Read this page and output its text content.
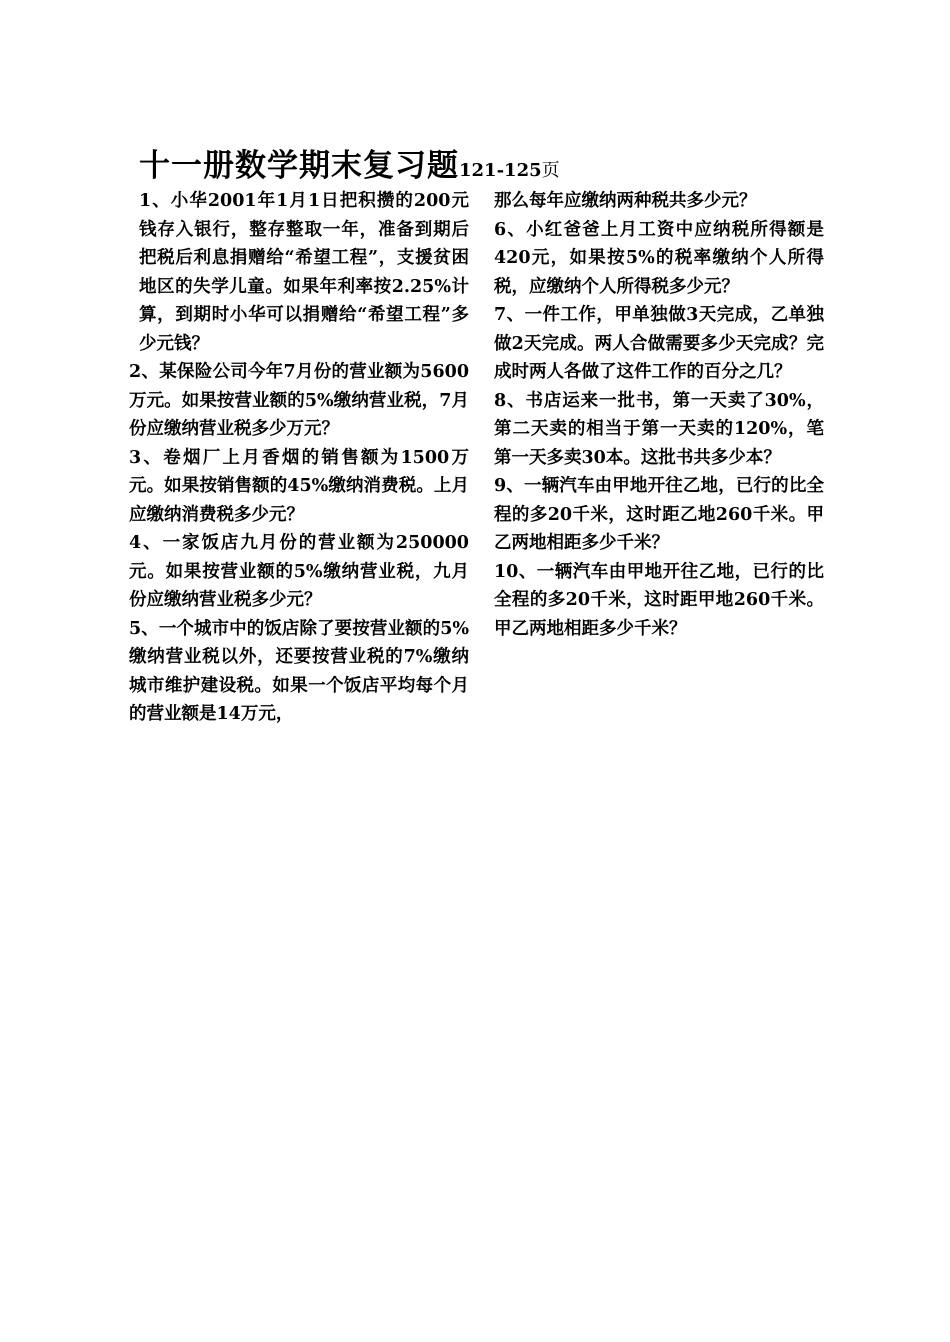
十一册数学期末复习题121-125页

1、小华2001年1月1日把积攒的200元钱存入银行，整存整取一年，准备到期后把税后利息捐赠给“希望工程”，支援贫困地区的失学儿童。如果年利率按2.25%计算，到期时小华可以捐赠给“希望工程”多少元钱？

2、某保险公司今年7月份的营业额为5600万元。如果按营业额的5%缴纳营业税，7月份应缴纳营业税多少万元？

3、卷烟厂上月香烟的销售额为1500万元。如果按销售额的45%缴纳消费税。上月应缴纳消费税多少元？

4、一家饭店九月份的营业额为250000元。如果按营业额的5%缴纳营业税，九月份应缴纳营业税多少元？

5、一个城市中的饭店除了要按营业额的5%缴纳营业税以外，还要按营业税的7%缴纳城市维护建设税。如果一个饭店平均每个月的营业额是14万元，

那么每年应缴纳两种税共多少元？

6、小红爸爸上月工资中应纳税所得额是420元，如果按5%的税率缴纳个人所得税，应缴纳个人所得税多少元？

7、一件工作，甲单独做3天完成，乙单独做2天完成。两人合做需要多少天完成？完成时两人各做了这件工作的百分之几？

8、书店运来一批书，第一天卖了30%，第二天卖的相当于第一天卖的120%，笔第一天多卖30本。这批书共多少本？

9、一辆汽车由甲地开往乙地，已行的比全程的多20千米，这时距乙地260千米。甲乙两地相距多少千米？

10、一辆汽车由甲地开往乙地，已行的比全程的多20千米，这时距甲地260千米。甲乙两地相距多少千米？
